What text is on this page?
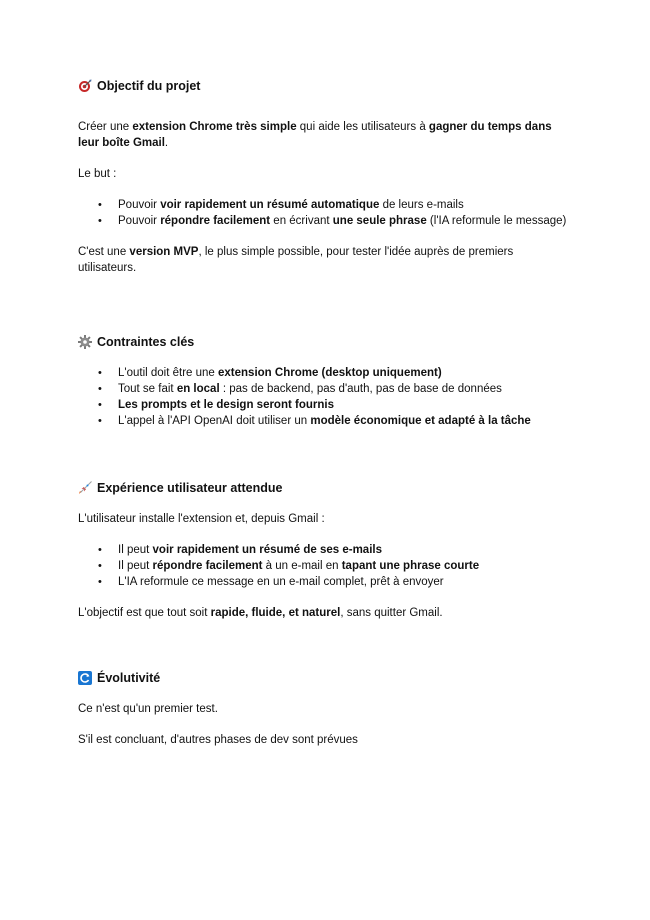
Objectif du projet

Créer une extension Chrome très simple qui aide les utilisateurs à gagner du temps dans leur boîte Gmail.

Le but :

• Pouvoir voir rapidement un résumé automatique de leurs e-mails
• Pouvoir répondre facilement en écrivant une seule phrase (l'IA reformule le message)

C'est une version MVP, le plus simple possible, pour tester l'idée auprès de premiers utilisateurs.

Contraintes clés
• L'outil doit être une extension Chrome (desktop uniquement)
• Tout se fait en local : pas de backend, pas d'auth, pas de base de données
• Les prompts et le design seront fournis
• L'appel à l'API OpenAI doit utiliser un modèle économique et adapté à la tâche
Expérience utilisateur attendue

L'utilisateur installe l'extension et, depuis Gmail :

• Il peut voir rapidement un résumé de ses e-mails
• Il peut répondre facilement à un e-mail en tapant une phrase courte
• L'IA reformule ce message en un e-mail complet, prêt à envoyer

L'objectif est que tout soit rapide, fluide, et naturel, sans quitter Gmail.

Évolutivité

Ce n'est qu'un premier test.

S'il est concluant, d'autres phases de dev sont prévues
